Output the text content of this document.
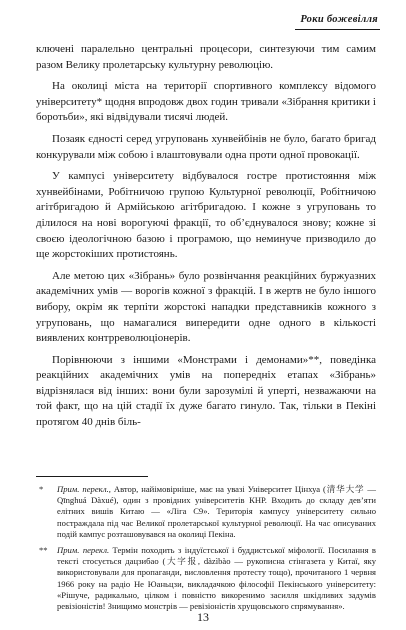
Роки божевілля

ключені паралельно центральні процесори, синтезуючи тим самим разом Велику пролетарську культурну революцію.

На околиці міста на території спортивного комплексу відомого університету* щодня впродовж двох годин тривали «Зібрання критики і боротьби», які відвідували тисячі людей.

Позаяк єдності серед угруповань хунвейбінів не було, багато бригад конкурували між собою і влаштовували одна проти одної провокації.

У кампусі університету відбувалося гостре протистояння між хунвейбінами, Робітничою групою Культурної революції, Робітничою агітбригадою й Армійською агітбригадою. І кожне з угруповань то ділилося на нові ворогуючі фракції, то об’єднувалося знову; кожне зі своєю ідеологічною базою і програмою, що неминуче призводило до ще жорстокіших протистоянь.

Але метою цих «Зібрань» було розвінчання реакційних буржуазних академічних умів — ворогів кожної з фракцій. І в жертв не було іншого вибору, окрім як терпіти жорстокі нападки представників кожного з угруповань, що намагалися випередити одне одного в кількості виявлених контрреволюціонерів.

Порівнюючи з іншими «Монстрами і демонами»**, поведінка реакційних академічних умів на попередніх етапах «Зібрань» відрізнялася від інших: вони були зарозумілі й уперті, незважаючи на той факт, що на цій стадії їх дуже багато гинуло. Так, тільки в Пекіні протягом 40 днів біль-

*	Прим. перекл., Автор, найімовірніше, має на увазі Університет Цінхуа (清华大学 — Qīnghuá Dàxué), один з провідних університетів КНР. Входить до складу дев’яти елітних вишів Китаю — «Ліга С9». Територія кампусу університету сильно постраждала під час Великої пролетарської культурної революції. На час описуваних подій кампус розташовувався на околиці Пекіна.
**	Прим. перекл. Термін походить з індуїстської і буддистської міфології. Посилання в тексті стосується дацзибао (大字报, dàzìbào — рукописна стінгазета у Китаї, яку використовували для пропаганди, висловлення протесту тощо), прочитаного 1 червня 1966 року на радіо Не Юаньцзи, викладачкою філософії Пекінського університету: «Рішуче, радикально, цілком і повністю викоренимо засилля шкідливих задумів ревізіоністів! Знищимо монстрів — ревізіоністів хрущовського спрямування».
13
